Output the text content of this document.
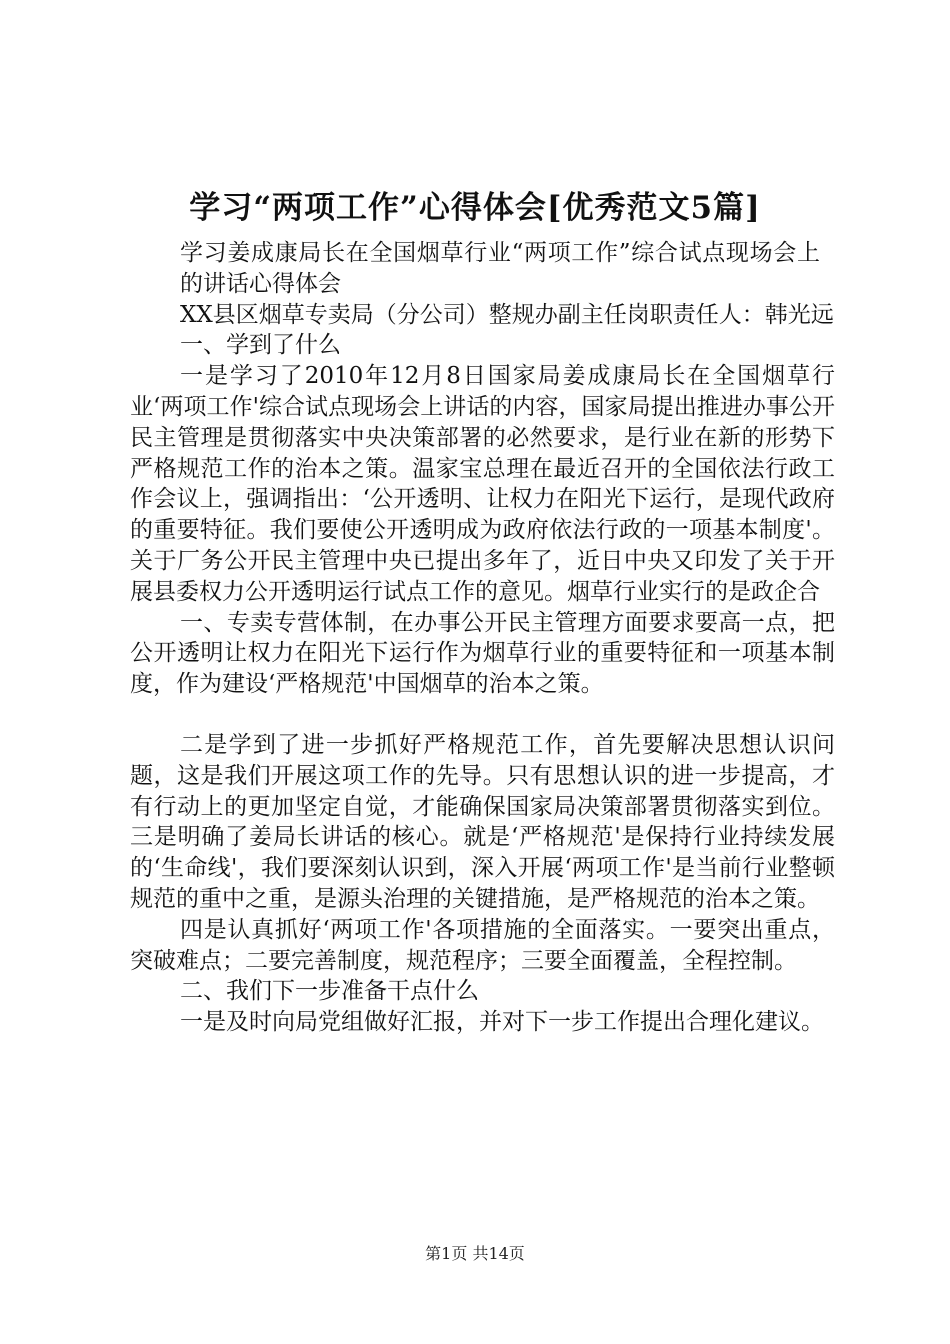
学习“两项工作”心得体会[优秀范文5篇]

学习姜成康局长在全国烟草行业“两项工作”综合试点现场会上的讲话心得体会

XX县区烟草专卖局（分公司）整规办副主任岗职责任人：韩光远

一、学到了什么

一是学习了2010年12月8日国家局姜成康局长在全国烟草行业‘两项工作'综合试点现场会上讲话的内容，国家局提出推进办事公开民主管理是贯彻落实中央决策部署的必然要求，是行业在新的形势下严格规范工作的治本之策。温家宝总理在最近召开的全国依法行政工作会议上，强调指出：‘公开透明、让权力在阳光下运行，是现代政府的重要特征。我们要使公开透明成为政府依法行政的一项基本制度'。关于厂务公开民主管理中央已提出多年了，近日中央又印发了关于开展县委权力公开透明运行试点工作的意见。烟草行业实行的是政企合

一、专卖专营体制，在办事公开民主管理方面要求要高一点，把公开透明让权力在阳光下运行作为烟草行业的重要特征和一项基本制度，作为建设‘严格规范'中国烟草的治本之策。

二是学到了进一步抓好严格规范工作，首先要解决思想认识问题，这是我们开展这项工作的先导。只有思想认识的进一步提高，才有行动上的更加坚定自觉，才能确保国家局决策部署贯彻落实到位。三是明确了姜局长讲话的核心。就是‘严格规范'是保持行业持续发展的‘生命线'，我们要深刻认识到，深入开展‘两项工作'是当前行业整顿规范的重中之重，是源头治理的关键措施，是严格规范的治本之策。

四是认真抓好‘两项工作'各项措施的全面落实。一要突出重点，突破难点；二要完善制度，规范程序；三要全面覆盖，全程控制。

二、我们下一步准备干点什么

一是及时向局党组做好汇报，并对下一步工作提出合理化建议。

第1页 共14页
